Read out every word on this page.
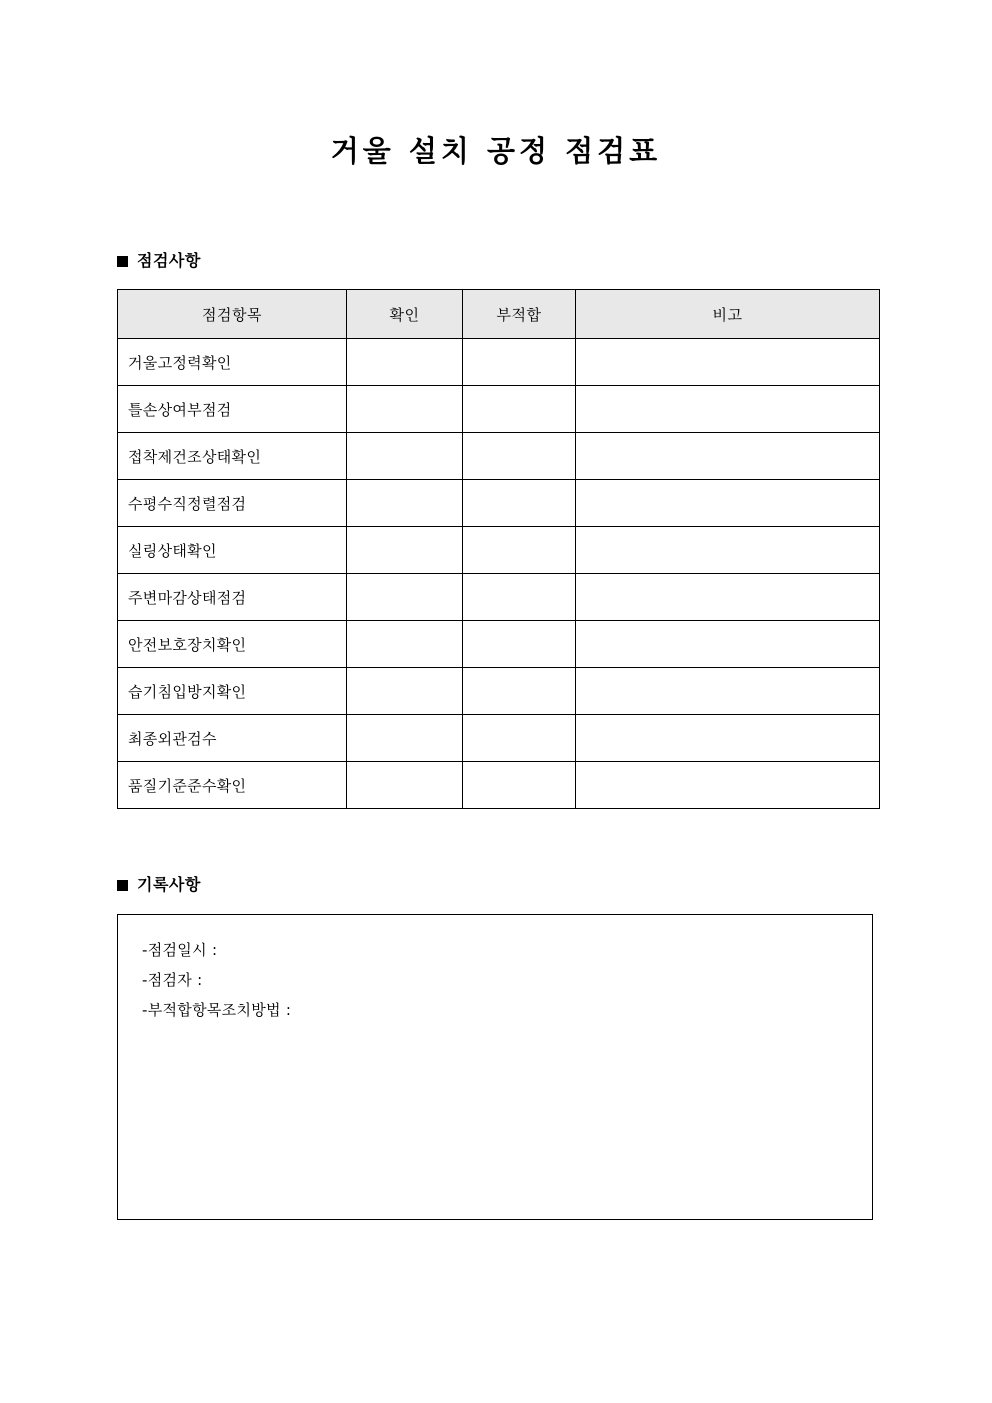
거울 설치 공정 점검표
점검사항
점검항목	확인	부적합	비고
거울고정력확인			
틀손상여부점검			
접착제건조상태확인			
수평수직정렬점검			
실링상태확인			
주변마감상태점검			
안전보호장치확인			
습기침입방지확인			
최종외관검수			
품질기준준수확인			
기록사항
-점검일시 :
-점검자 :
-부적합항목조치방법 :
